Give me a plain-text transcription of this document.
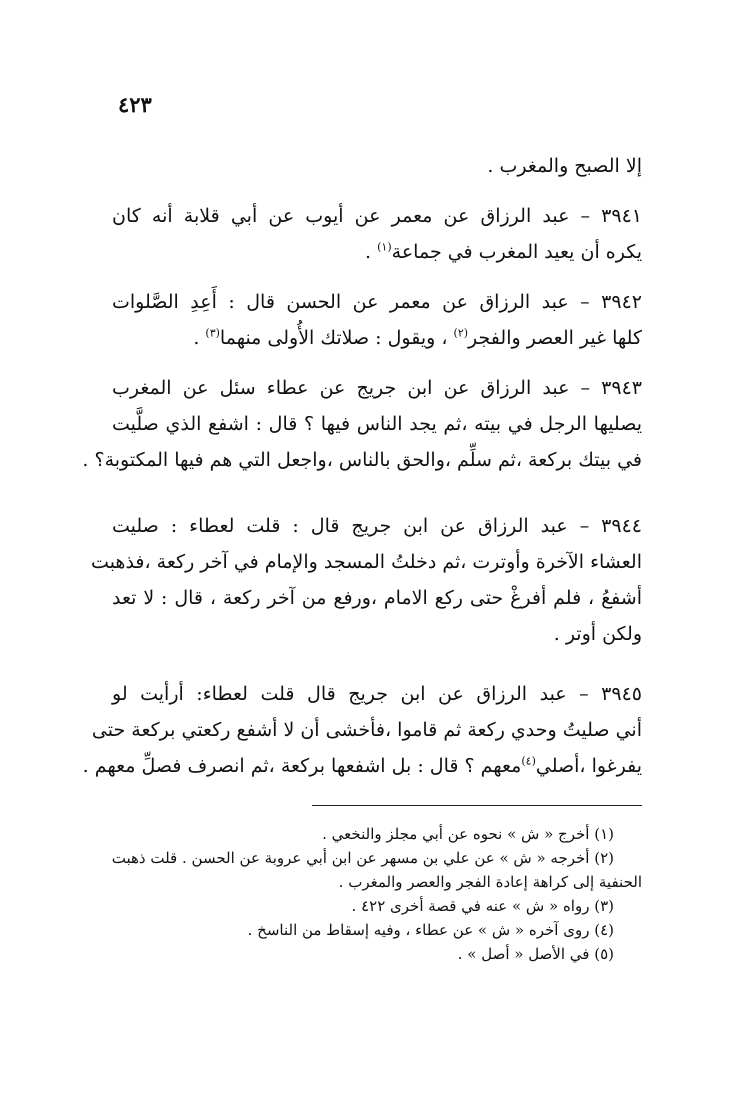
٤٢٣
إلا الصبح والمغرب .
٣٩٤١ – عبد الرزاق عن معمر عن أيوب عن أبي قلابة أنه كان
يكره أن يعيد المغرب في جماعة$^{(١)}$ .
٣٩٤٢ – عبد الرزاق عن معمر عن الحسن قال : أَعِدِ الصَّلوات
كلها غير العصر والفجر$^{(٢)}$ ، ويقول : صلاتك الأُولى منهما$^{(٣)}$ .
٣٩٤٣ – عبد الرزاق عن ابن جريج عن عطاء سئل عن المغرب
يصليها الرجل في بيته ،ثم يجد الناس فيها ؟ قال : اشفع الذي صلَّيت
في بيتك بركعة ،ثم سلِّم ،والحق بالناس ،واجعل التي هم فيها المكتوبة؟ .
٣٩٤٤ – عبد الرزاق عن ابن جريج قال : قلت لعطاء : صليت
العشاء الآخرة وأوترت ،ثم دخلتُ المسجد والإمام في آخر ركعة ،فذهبت
أشفعُ ، فلم أفرغْ حتى ركع الامام ،ورفع من آخر ركعة ، قال : لا تعد
ولكن أوتر .
٣٩٤٥ – عبد الرزاق عن ابن جريج قال قلت لعطاء: أرأيت لو
أني صليتُ وحدي ركعة ثم قاموا ،فأخشى أن لا أشفع ركعتي بركعة حتى
يفرغوا ،أصلي$^{(٤)}$معهم ؟ قال : بل اشفعها بركعة ،ثم انصرف فصلِّ معهم .
(١) أخرج « ش » نحوه عن أبي مجلز والنخعي .
(٢) أخرجه « ش » عن علي بن مسهر عن ابن أبي عروبة عن الحسن . قلت ذهبت
الحنفية إلى كراهة إعادة الفجر والعصر والمغرب .
(٣) رواه « ش » عنه في قصة أخرى ٤٢٢ .
(٤) روى آخره « ش » عن عطاء ، وفيه إسقاط من الناسخ .
(٥) في الأصل « أصل » .
